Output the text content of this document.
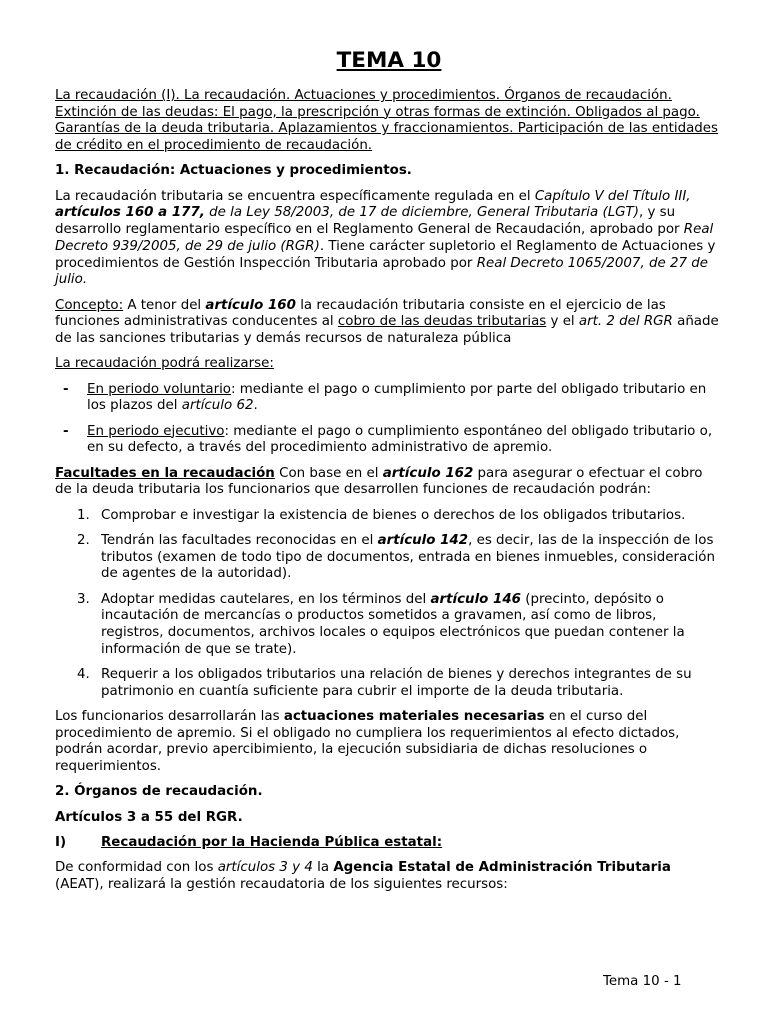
TEMA 10

La recaudación (I). La recaudación. Actuaciones y procedimientos. Órganos de recaudación. Extinción de las deudas: El pago, la prescripción y otras formas de extinción. Obligados al pago. Garantías de la deuda tributaria. Aplazamientos y fraccionamientos. Participación de las entidades de crédito en el procedimiento de recaudación.

1. Recaudación: Actuaciones y procedimientos.

La recaudación tributaria se encuentra específicamente regulada en el Capítulo V del Título III, artículos 160 a 177, de la Ley 58/2003, de 17 de diciembre, General Tributaria (LGT), y su desarrollo reglamentario específico en el Reglamento General de Recaudación, aprobado por Real Decreto 939/2005, de 29 de julio (RGR). Tiene carácter supletorio el Reglamento de Actuaciones y procedimientos de Gestión Inspección Tributaria aprobado por Real Decreto 1065/2007, de 27 de julio.

Concepto: A tenor del artículo 160 la recaudación tributaria consiste en el ejercicio de las funciones administrativas conducentes al cobro de las deudas tributarias y el art. 2 del RGR añade de las sanciones tributarias y demás recursos de naturaleza pública

La recaudación podrá realizarse:

- En periodo voluntario: mediante el pago o cumplimiento por parte del obligado tributario en los plazos del artículo 62.
- En periodo ejecutivo: mediante el pago o cumplimiento espontáneo del obligado tributario o, en su defecto, a través del procedimiento administrativo de apremio.

Facultades en la recaudación Con base en el artículo 162 para asegurar o efectuar el cobro de la deuda tributaria los funcionarios que desarrollen funciones de recaudación podrán:

1. Comprobar e investigar la existencia de bienes o derechos de los obligados tributarios.
2. Tendrán las facultades reconocidas en el artículo 142, es decir, las de la inspección de los tributos (examen de todo tipo de documentos, entrada en bienes inmuebles, consideración de agentes de la autoridad).
3. Adoptar medidas cautelares, en los términos del artículo 146 (precinto, depósito o incautación de mercancías o productos sometidos a gravamen, así como de libros, registros, documentos, archivos locales o equipos electrónicos que puedan contener la información de que se trate).
4. Requerir a los obligados tributarios una relación de bienes y derechos integrantes de su patrimonio en cuantía suficiente para cubrir el importe de la deuda tributaria.

Los funcionarios desarrollarán las actuaciones materiales necesarias en el curso del procedimiento de apremio. Si el obligado no cumpliera los requerimientos al efecto dictados, podrán acordar, previo apercibimiento, la ejecución subsidiaria de dichas resoluciones o requerimientos.

2. Órganos de recaudación.

Artículos 3 a 55 del RGR.

I)	Recaudación por la Hacienda Pública estatal:

De conformidad con los artículos 3 y 4 la Agencia Estatal de Administración Tributaria (AEAT), realizará la gestión recaudatoria de los siguientes recursos:

Tema 10 - 1
